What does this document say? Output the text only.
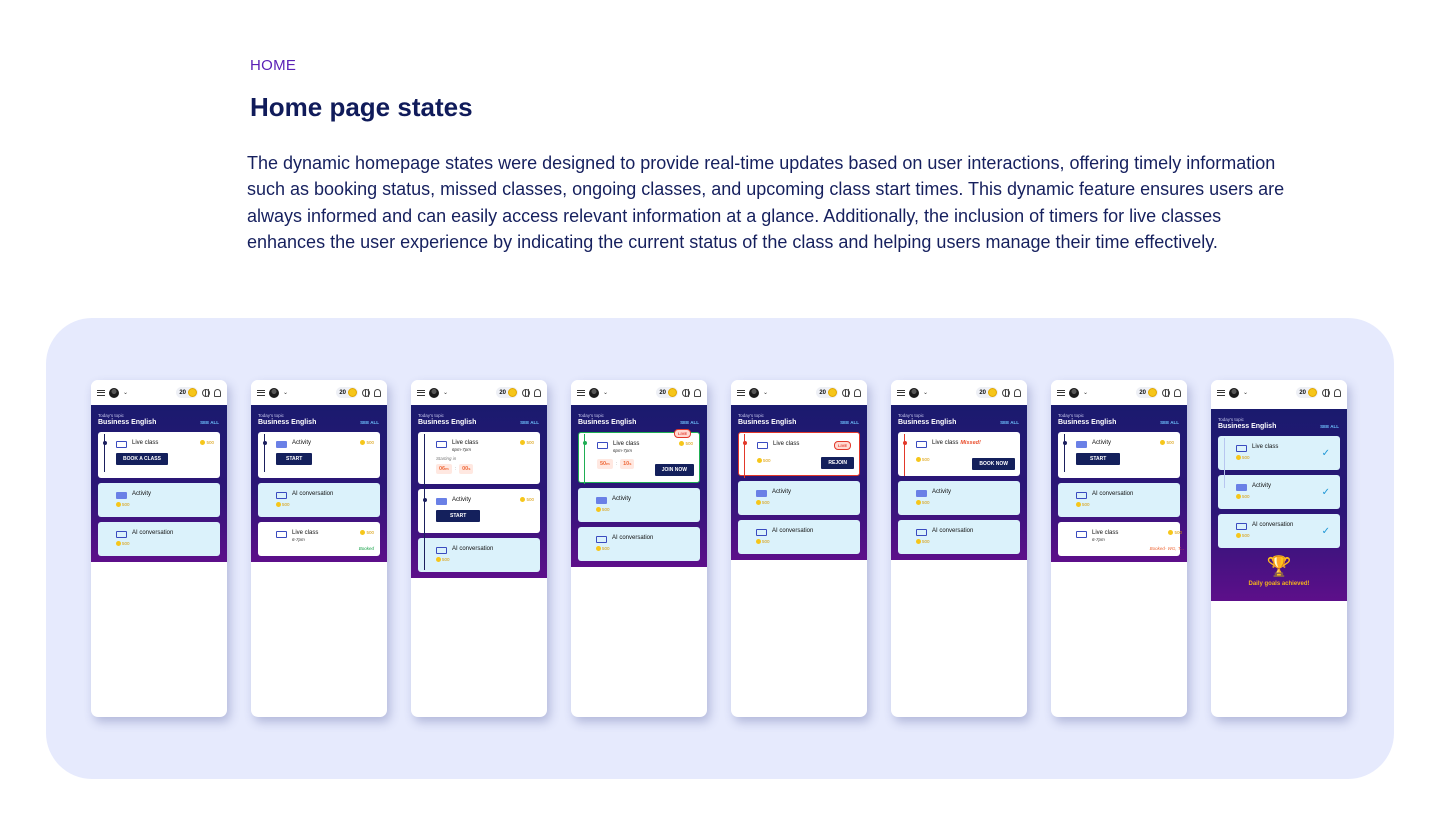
HOME
Home page states

The dynamic homepage states were designed to provide real-time updates based on user interactions, offering timely information such as booking status, missed classes, ongoing classes, and upcoming class start times. This dynamic feature ensures users are always informed and can easily access relevant information at a glance. Additionally, the inclusion of timers for live classes enhances the user experience by indicating the current status of the class and helping users manage their time effectively.

⌄	20
Today's topic
Business English	SEE ALL
Live class	500
BOOK A CLASS
Activity
500
AI conversation
500
⌄	20
Today's topic
Business English	SEE ALL
Activity	500
START
AI conversation
500
Live class	500
6-7pm
Booked
⌄	20
Today's topic
Business English	SEE ALL
Live class
6pm-7pm
500
Starting in
06m	:	00s
Activity	500
START
AI conversation
500
⌄	20
Today's topic
Business English	SEE ALL
LIVE
Live class
6pm-7pm
500
50m	:	10s
JOIN NOW
Activity
500
AI conversation
500
⌄	20
Today's topic
Business English	SEE ALL
Live class	LIVE
500	REJOIN
Activity
500
AI conversation
500
⌄	20
Today's topic
Business English	SEE ALL
Live class Missed!
500
BOOK NOW
Activity
500
AI conversation
500
⌄	20
Today's topic
Business English	SEE ALL
Activity	500
START
AI conversation
500
Live class	500
6-7pm
Booked- WG, T...
⌄	20
Today's topic
Business English	SEE ALL
Live class
500	✓
Activity
500	✓
AI conversation
500	✓
🏆
Daily goals achieved!
